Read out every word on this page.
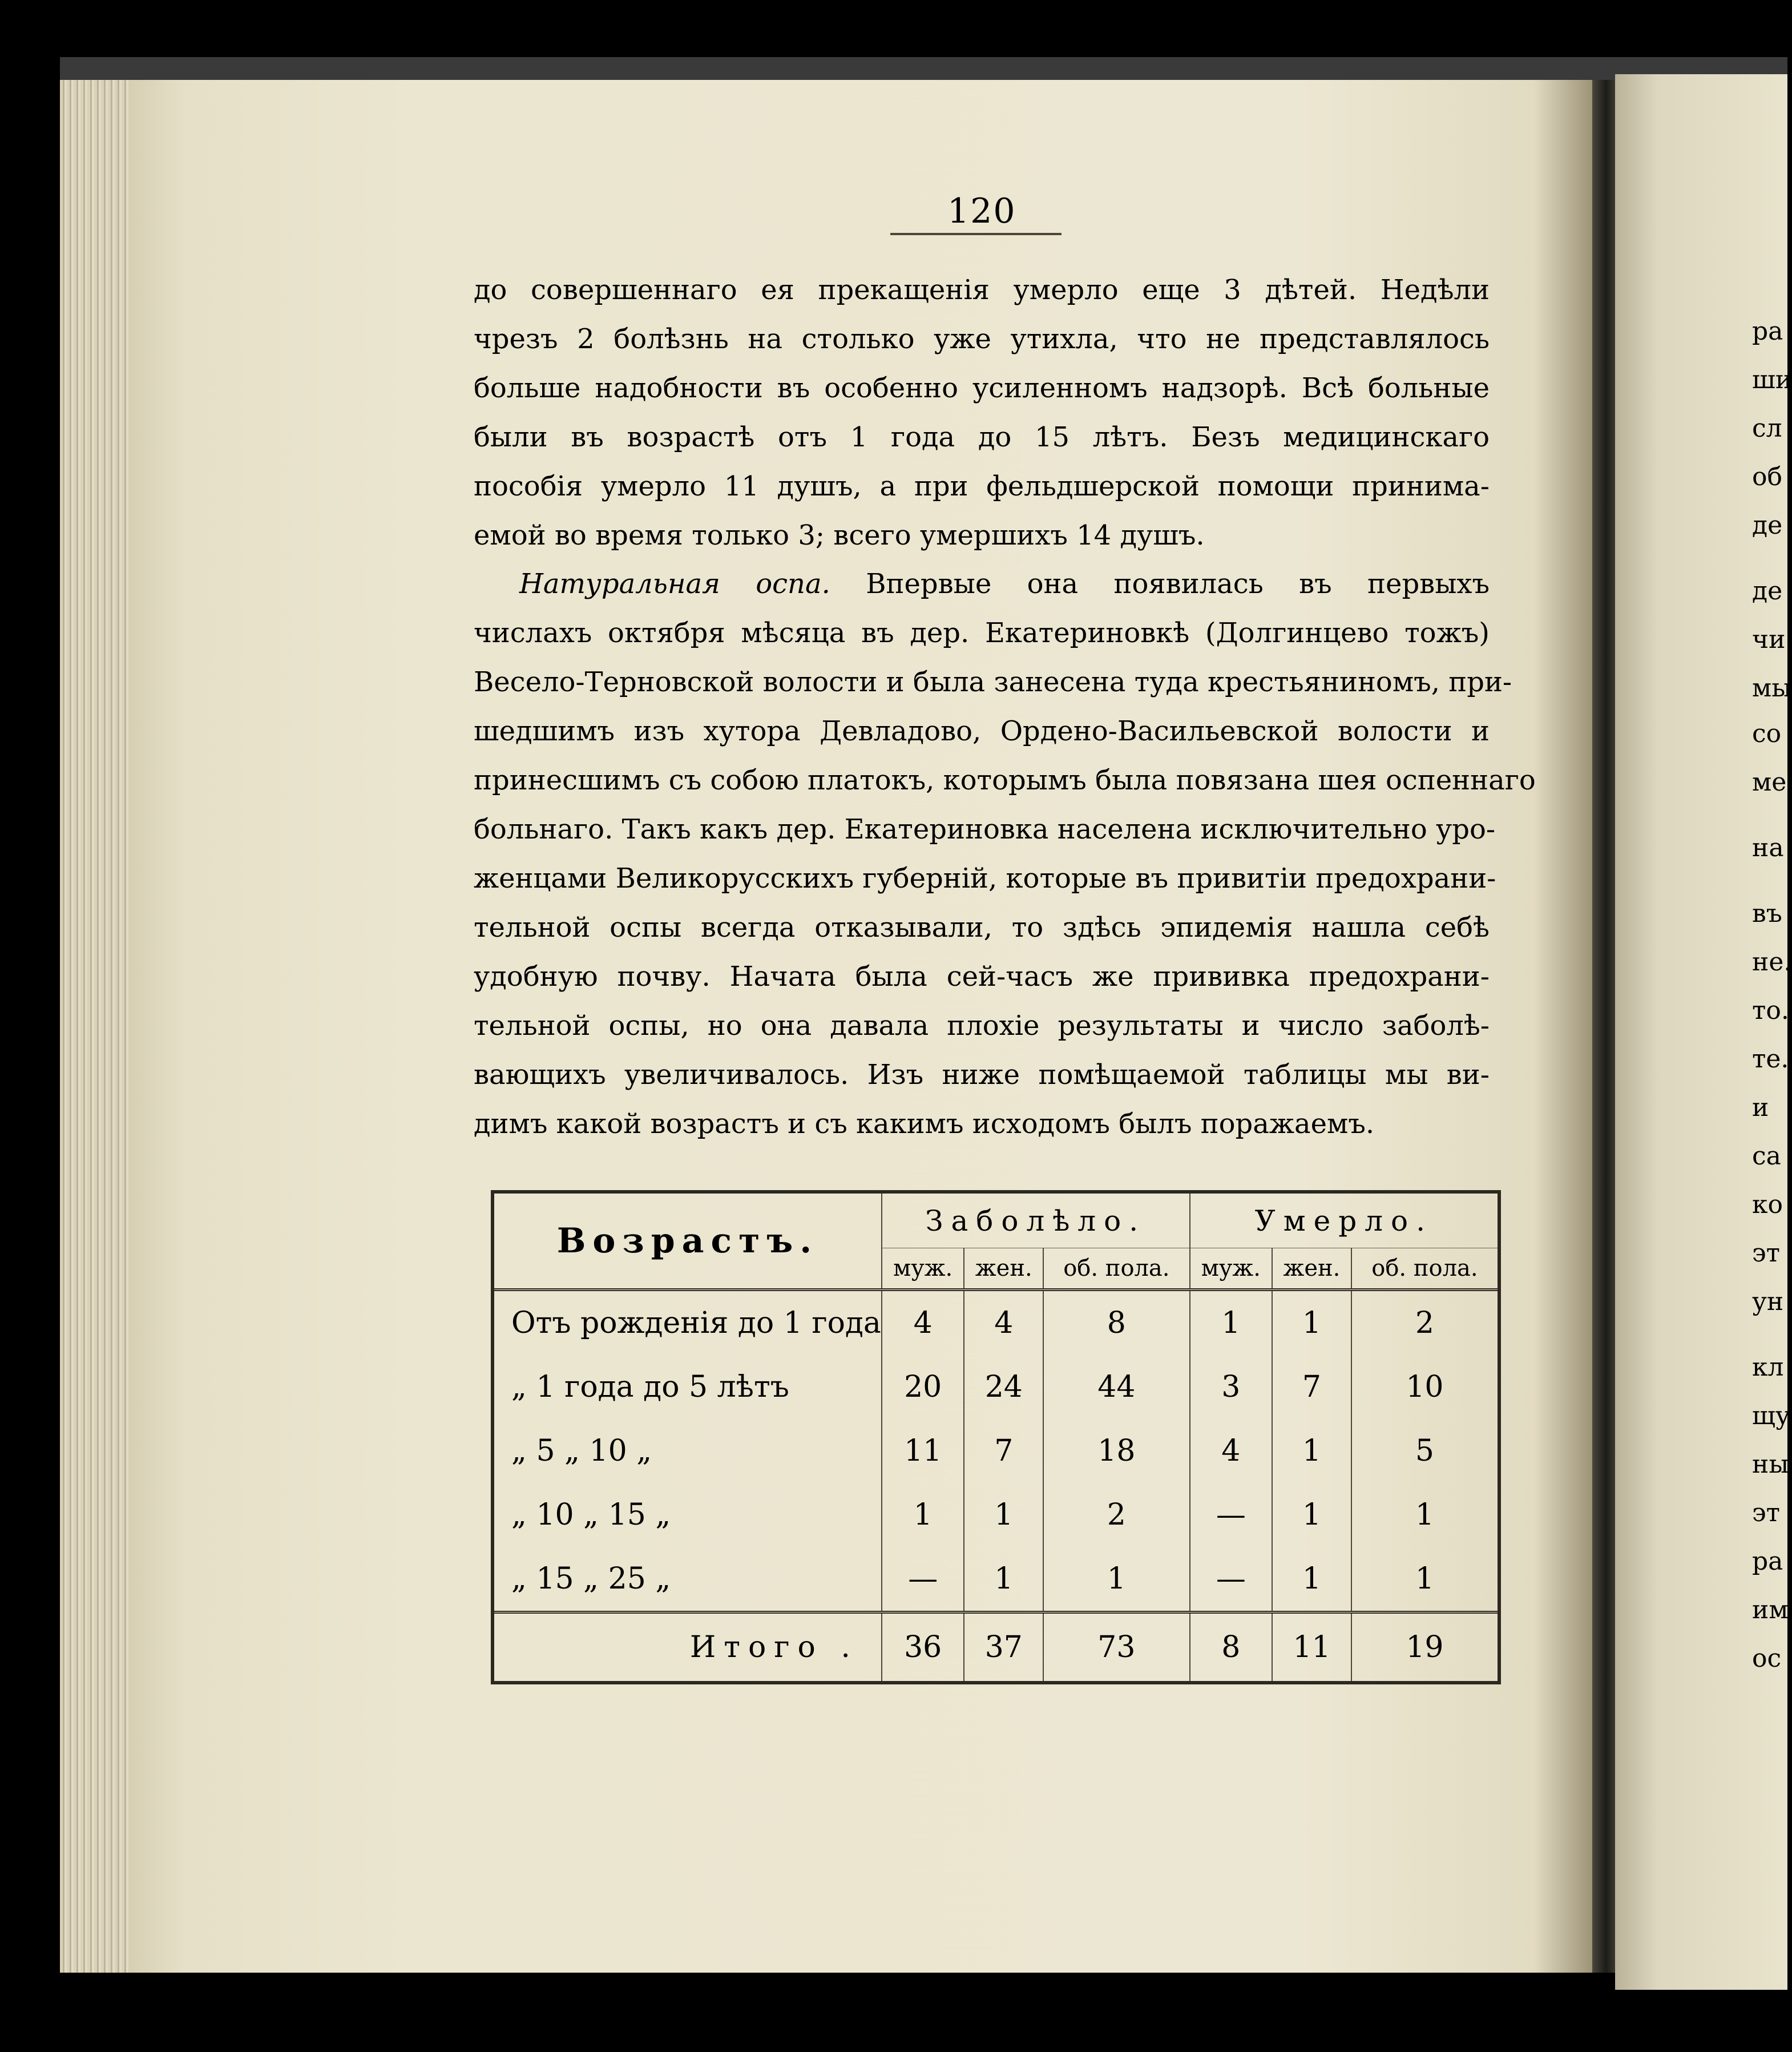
120
до совершеннаго ея прекащенія умерло еще 3 дѣтей. Недѣли
чрезъ 2 болѣзнь на столько уже утихла, что не представлялось
больше надобности въ особенно усиленномъ надзорѣ. Всѣ больные
были въ возрастѣ отъ 1 года до 15 лѣтъ. Безъ медицинскаго
пособія умерло 11 душъ, а при фельдшерской помощи принима-
емой во время только 3; всего умершихъ 14 душъ.
Натуральная оспа. Впервые она появилась въ первыхъ
числахъ октября мѣсяца въ дер. Екатериновкѣ (Долгинцево тожъ)
Весело-Терновской волости и была занесена туда крестьяниномъ, при-
шедшимъ изъ хутора Девладово, Ордено-Васильевской волости и
принесшимъ съ собою платокъ, которымъ была повязана шея оспеннаго
больнаго. Такъ какъ дер. Екатериновка населена исключительно уро-
женцами Великорусскихъ губерній, которые въ привитіи предохрани-
тельной оспы всегда отказывали, то здѣсь эпидемія нашла себѣ
удобную почву. Начата была сей-часъ же прививка предохрани-
тельной оспы, но она давала плохіе результаты и число заболѣ-
вающихъ увеличивалось. Изъ ниже помѣщаемой таблицы мы ви-
димъ какой возрастъ и съ какимъ исходомъ былъ поражаемъ.
Возрастъ.	Заболѣло.			Умерло.		
	муж.	жен.	об. пола.	муж.	жен.	об. пола.
Отъ рожденія до 1 года	4	4	8	1	1	2
„ 1 года до 5 лѣтъ	20	24	44	3	7	10
„ 5 „ 10 „	11	7	18	4	1	5
„ 10 „ 15 „	1	1	2	—	1	1
„ 15 „ 25 „	—	1	1	—	1	1
Итого .	36	37	73	8	11	19
ра
ши
сл
об
де
де
чи
мы
со
ме
на
въ
не.
то.
те.
и
са
ко
эт
ун
кл
щу
ны
эт
ра
им
ос
